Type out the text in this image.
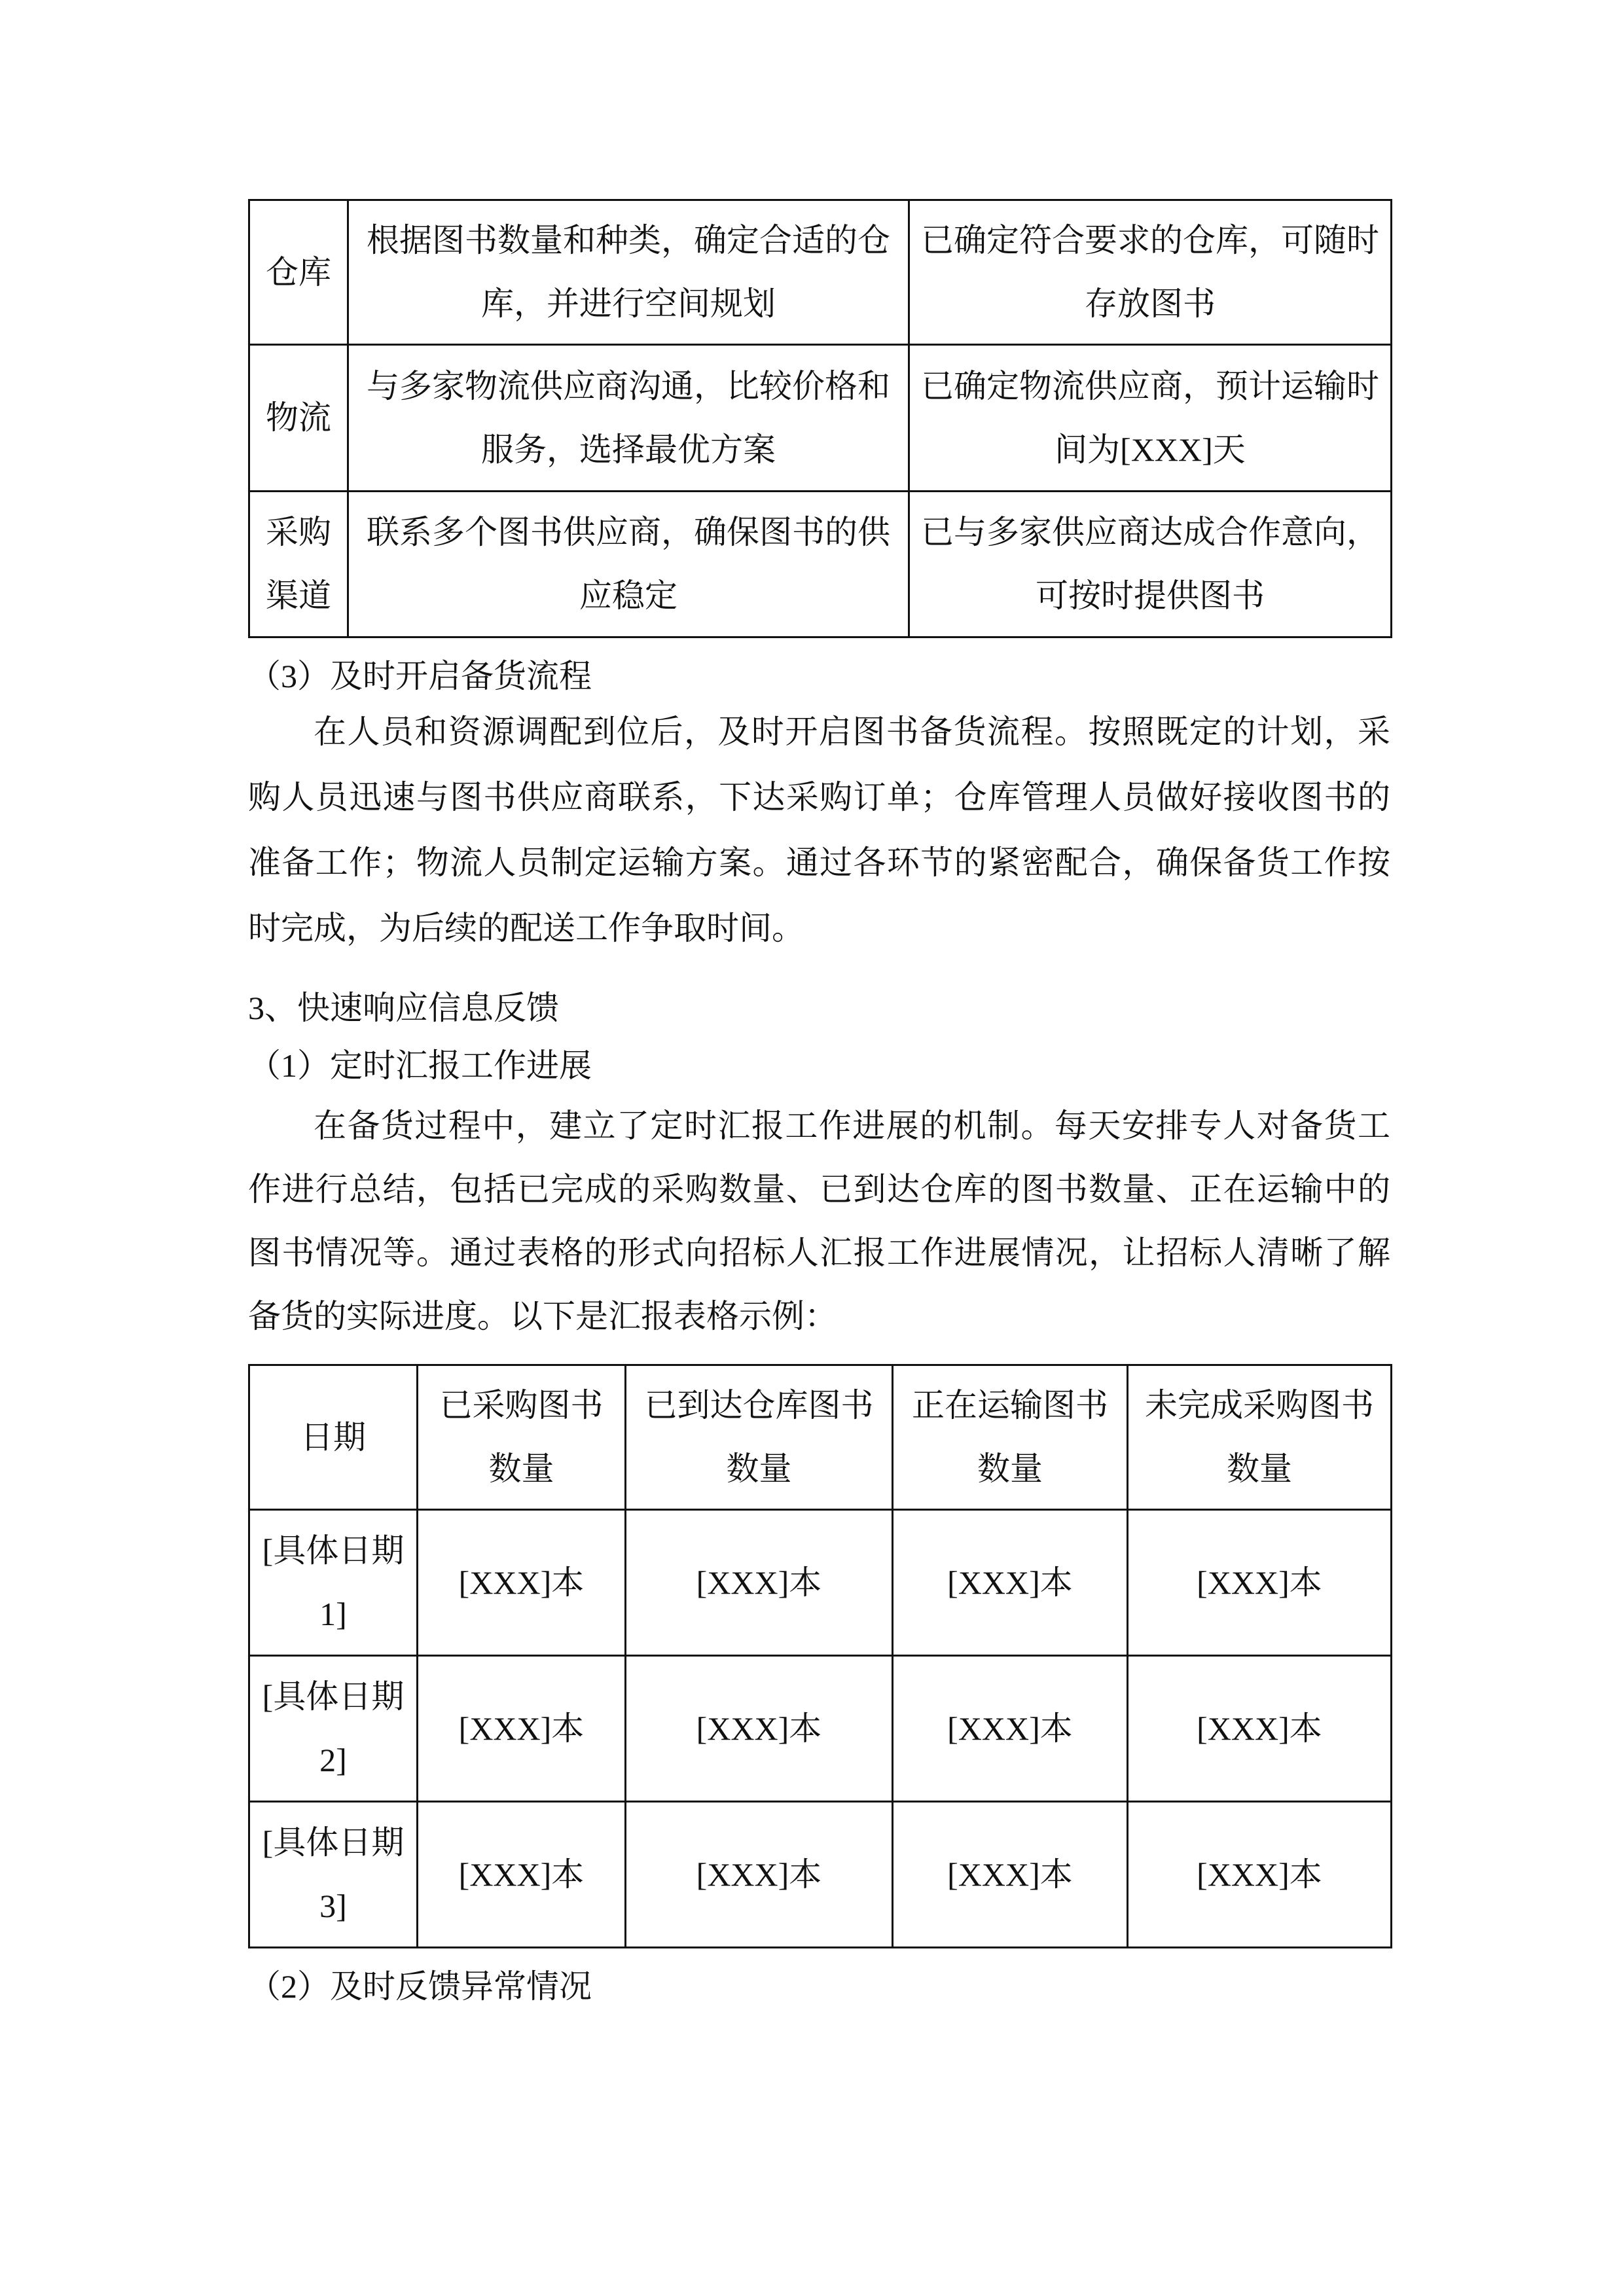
仓库	根据图书数量和种类，确定合适的仓库，并进行空间规划	已确定符合要求的仓库，可随时存放图书
物流	与多家物流供应商沟通，比较价格和服务，选择最优方案	已确定物流供应商，预计运输时间为[XXX]天
采购渠道	联系多个图书供应商，确保图书的供应稳定	已与多家供应商达成合作意向，可按时提供图书
（3）及时开启备货流程
在人员和资源调配到位后，及时开启图书备货流程。按照既定的计划，采购人员迅速与图书供应商联系，下达采购订单；仓库管理人员做好接收图书的准备工作；物流人员制定运输方案。通过各环节的紧密配合，确保备货工作按时完成，为后续的配送工作争取时间。
3、快速响应信息反馈
（1）定时汇报工作进展
在备货过程中，建立了定时汇报工作进展的机制。每天安排专人对备货工作进行总结，包括已完成的采购数量、已到达仓库的图书数量、正在运输中的图书情况等。通过表格的形式向招标人汇报工作进展情况，让招标人清晰了解备货的实际进度。以下是汇报表格示例：
日期	已采购图书数量	已到达仓库图书数量	正在运输图书数量	未完成采购图书数量
[具体日期1]	[XXX]本	[XXX]本	[XXX]本	[XXX]本
[具体日期2]	[XXX]本	[XXX]本	[XXX]本	[XXX]本
[具体日期3]	[XXX]本	[XXX]本	[XXX]本	[XXX]本
（2）及时反馈异常情况
